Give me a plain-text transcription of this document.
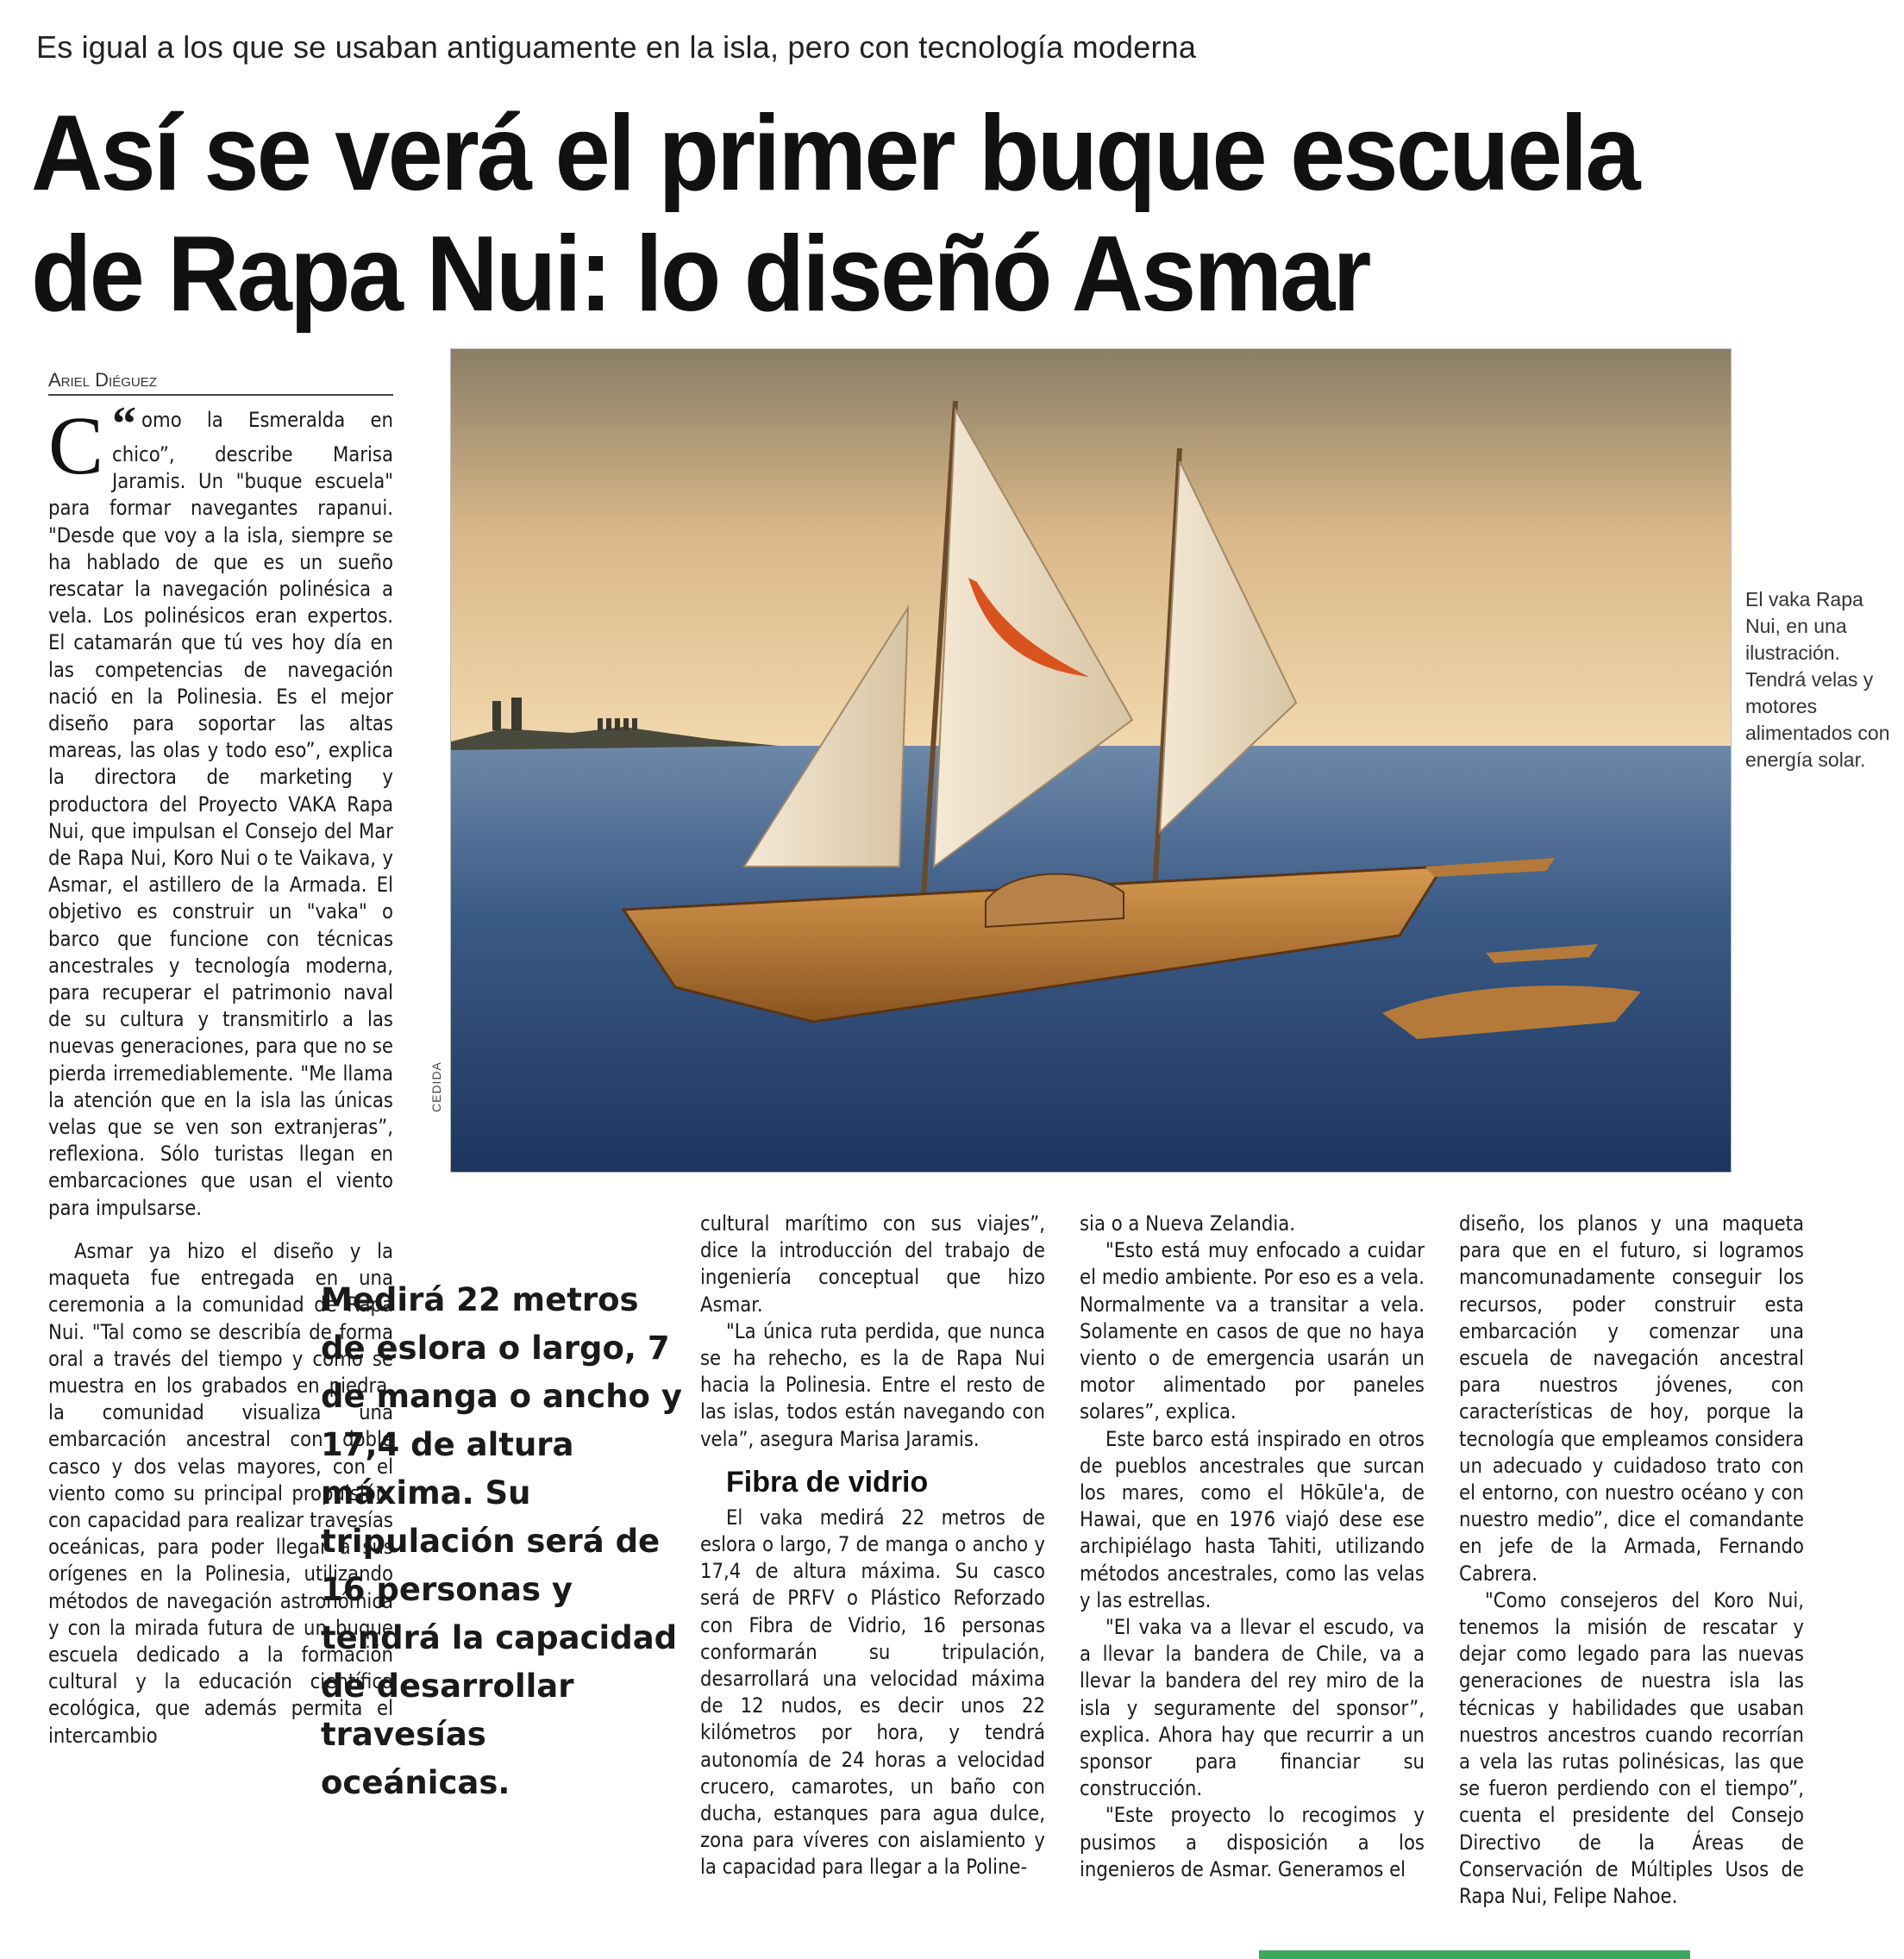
Es igual a los que se usaban antiguamente en la isla, pero con tecnología moderna
Así se verá el primer buque escuela
de Rapa Nui: lo diseñó Asmar
Ariel Diéguez

“
C omo la Esmeralda en chico”, describe Marisa Jaramis. Un "buque escuela" para formar navegantes rapanui. "Desde que voy a la isla, siempre se ha hablado de que es un sueño rescatar la navegación polinésica a vela. Los polinésicos eran expertos. El catamarán que tú ves hoy día en las competencias de navegación nació en la Polinesia. Es el mejor diseño para soportar las altas mareas, las olas y todo eso”, explica la directora de marketing y productora del Proyecto VAKA Rapa Nui, que impulsan el Consejo del Mar de Rapa Nui, Koro Nui o te Vaikava, y Asmar, el astillero de la Armada. El objetivo es construir un "vaka" o barco que funcione con técnicas ancestrales y tecnología moderna, para recuperar el patrimonio naval de su cultura y transmitirlo a las nuevas generaciones, para que no se pierda irremediablemente. "Me llama la atención que en la isla las únicas velas que se ven son extranjeras”, reflexiona. Sólo turistas llegan en embarcaciones que usan el viento para impulsarse.

Asmar ya hizo el diseño y la maqueta fue entregada en una ceremonia a la comunidad de Rapa Nui. "Tal como se describía de forma oral a través del tiempo y como se muestra en los grabados en piedra, la comunidad visualiza una embarcación ancestral con doble casco y dos velas mayores, con el viento como su principal propulsión, con capacidad para realizar travesías oceánicas, para poder llegar a sus orígenes en la Polinesia, utilizando métodos de navegación astronómica y con la mirada futura de un buque escuela dedicado a la formación cultural y la educación científica ecológica, que además permita el intercambio

Medirá 22 metros de eslora o largo, 7 de manga o ancho y 17,4 de altura máxima. Su tripulación será de 16 personas y tendrá la capacidad de desarrollar travesías oceánicas.

cultural marítimo con sus viajes”, dice la introducción del trabajo de ingeniería conceptual que hizo Asmar.

"La única ruta perdida, que nunca se ha rehecho, es la de Rapa Nui hacia la Polinesia. Entre el resto de las islas, todos están navegando con vela”, asegura Marisa Jaramis.

Fibra de vidrio

El vaka medirá 22 metros de eslora o largo, 7 de manga o ancho y 17,4 de altura máxima. Su casco será de PRFV o Plástico Reforzado con Fibra de Vidrio, 16 personas conformarán su tripulación, desarrollará una velocidad máxima de 12 nudos, es decir unos 22 kilómetros por hora, y tendrá autonomía de 24 horas a velocidad crucero, camarotes, un baño con ducha, estanques para agua dulce, zona para víveres con aislamiento y la capacidad para llegar a la Poline-

sia o a Nueva Zelandia.

"Esto está muy enfocado a cuidar el medio ambiente. Por eso es a vela. Normalmente va a transitar a vela. Solamente en casos de que no haya viento o de emergencia usarán un motor alimentado por paneles solares”, explica.

Este barco está inspirado en otros de pueblos ancestrales que surcan los mares, como el Hōkūle'a, de Hawai, que en 1976 viajó dese ese archipiélago hasta Tahiti, utilizando métodos ancestrales, como las velas y las estrellas.

"El vaka va a llevar el escudo, va a llevar la bandera de Chile, va a llevar la bandera del rey miro de la isla y seguramente del sponsor”, explica. Ahora hay que recurrir a un sponsor para financiar su construcción.

"Este proyecto lo recogimos y pusimos a disposición a los ingenieros de Asmar. Generamos el

diseño, los planos y una maqueta para que en el futuro, si logramos mancomunadamente conseguir los recursos, poder construir esta embarcación y comenzar una escuela de navegación ancestral para nuestros jóvenes, con características de hoy, porque la tecnología que empleamos considera un adecuado y cuidadoso trato con el entorno, con nuestro océano y con nuestro medio”, dice el comandante en jefe de la Armada, Fernando Cabrera.

"Como consejeros del Koro Nui, tenemos la misión de rescatar y dejar como legado para las nuevas generaciones de nuestra isla las técnicas y habilidades que usaban nuestros ancestros cuando recorrían a vela las rutas polinésicas, las que se fueron perdiendo con el tiempo”, cuenta el presidente del Consejo Directivo de la Áreas de Conservación de Múltiples Usos de Rapa Nui, Felipe Nahoe.

CEDIDA
El vaka Rapa Nui, en una ilustración. Tendrá velas y motores alimentados con energía solar.
